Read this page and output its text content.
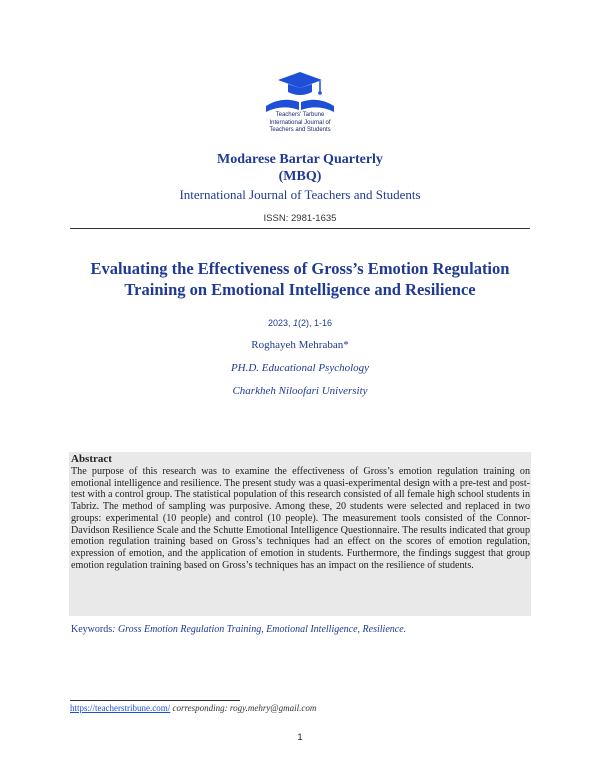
Teachers' Tarbune
International Journal of
Teachers and Students
Modarese Bartar Quarterly
(MBQ)
International Journal of Teachers and Students
ISSN: 2981-1635
Evaluating the Effectiveness of Gross’s Emotion Regulation
Training on Emotional Intelligence and Resilience
2023, 1(2), 1-16
Roghayeh Mehraban*
PH.D. Educational Psychology
Charkheh Niloofari University
Abstract
The purpose of this research was to examine the effectiveness of Gross’s emotion regulation training on emotional intelligence and resilience. The present study was a quasi-experimental design with a pre-test and post-test with a control group. The statistical population of this research consisted of all female high school students in Tabriz. The method of sampling was purposive. Among these, 20 students were selected and replaced in two groups: experimental (10 people) and control (10 people). The measurement tools consisted of the Connor-Davidson Resilience Scale and the Schutte Emotional Intelligence Questionnaire. The results indicated that group emotion regulation training based on Gross’s techniques had an effect on the scores of emotion regulation, expression of emotion, and the application of emotion in students. Furthermore, the findings suggest that group emotion regulation training based on Gross’s techniques has an impact on the resilience of students.
Keywords: Gross Emotion Regulation Training, Emotional Intelligence, Resilience.
https://teacherstribune.com/ corresponding: rogy.mehry@gmail.com
1
